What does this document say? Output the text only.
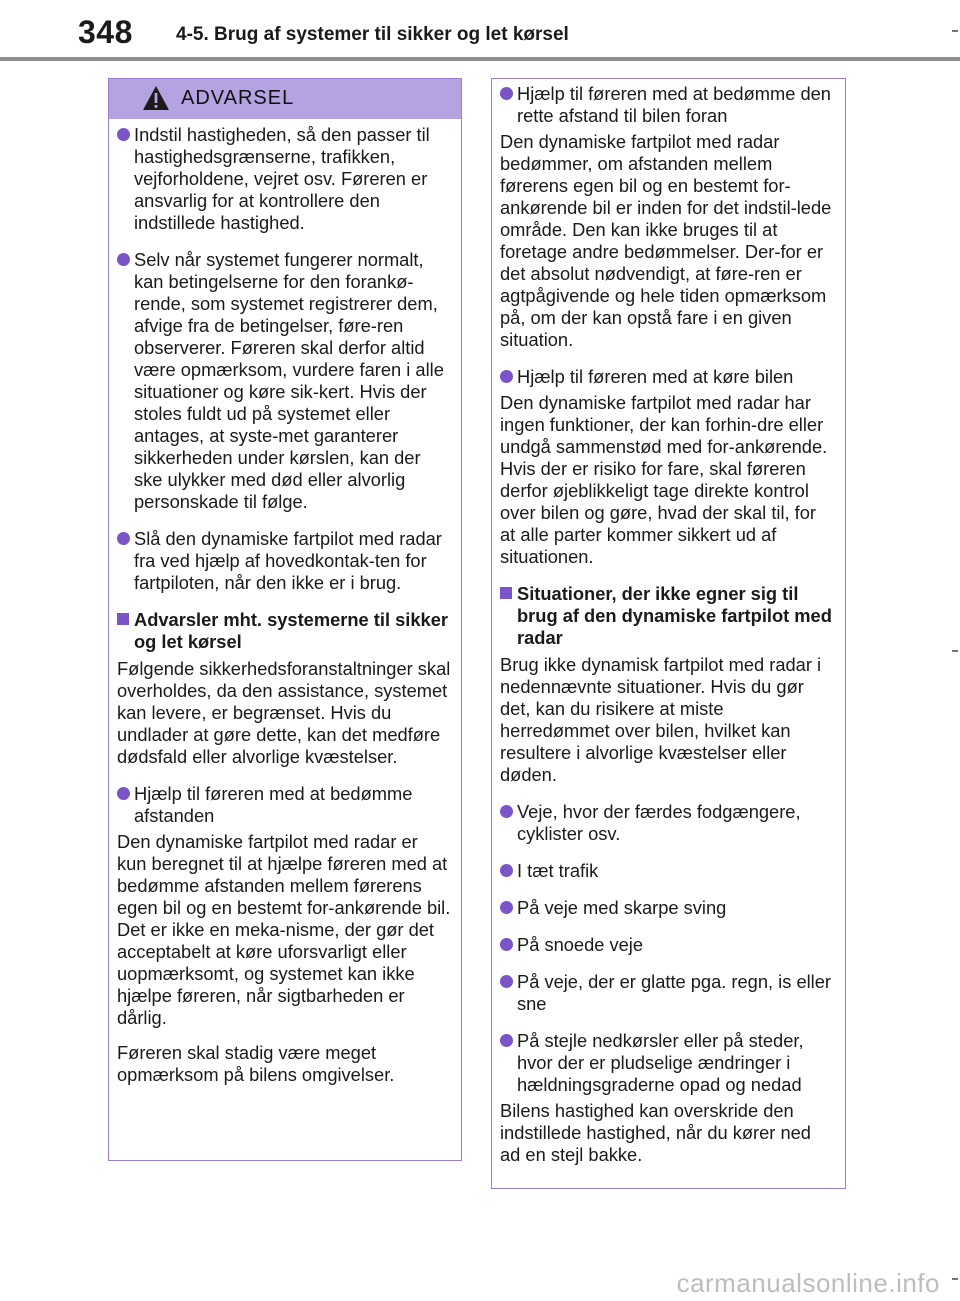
348 4-5. Brug af systemer til sikker og let kørsel
ADVARSEL
Indstil hastigheden, så den passer til hastighedsgrænserne, trafikken, vejforholdene, vejret osv. Føreren er ansvarlig for at kontrollere den indstillede hastighed.
Selv når systemet fungerer normalt, kan betingelserne for den forankø-rende, som systemet registrerer dem, afvige fra de betingelser, føre-ren observerer. Føreren skal derfor altid være opmærksom, vurdere faren i alle situationer og køre sik-kert. Hvis der stoles fuldt ud på systemet eller antages, at syste-met garanterer sikkerheden under kørslen, kan der ske ulykker med død eller alvorlig personskade til følge.
Slå den dynamiske fartpilot med radar fra ved hjælp af hovedkontak-ten for fartpiloten, når den ikke er i brug.
Advarsler mht. systemerne til sikker og let kørsel
Følgende sikkerhedsforanstaltninger skal overholdes, da den assistance, systemet kan levere, er begrænset. Hvis du undlader at gøre dette, kan det medføre dødsfald eller alvorlige kvæstelser.
Hjælp til føreren med at bedømme afstanden
Den dynamiske fartpilot med radar er kun beregnet til at hjælpe føreren med at bedømme afstanden mellem førerens egen bil og en bestemt for-ankørende bil. Det er ikke en meka-nisme, der gør det acceptabelt at køre uforsvarligt eller uopmærksomt, og systemet kan ikke hjælpe føreren, når sigtbarheden er dårlig.
Føreren skal stadig være meget opmærksom på bilens omgivelser.
Hjælp til føreren med at bedømme den rette afstand til bilen foran
Den dynamiske fartpilot med radar bedømmer, om afstanden mellem førerens egen bil og en bestemt for-ankørende bil er inden for det indstil-lede område. Den kan ikke bruges til at foretage andre bedømmelser. Der-for er det absolut nødvendigt, at føre-ren er agtpågivende og hele tiden opmærksom på, om der kan opstå fare i en given situation.
Hjælp til føreren med at køre bilen
Den dynamiske fartpilot med radar har ingen funktioner, der kan forhin-dre eller undgå sammenstød med for-ankørende. Hvis der er risiko for fare, skal føreren derfor øjeblikkeligt tage direkte kontrol over bilen og gøre, hvad der skal til, for at alle parter kommer sikkert ud af situationen.
Situationer, der ikke egner sig til brug af den dynamiske fartpilot med radar
Brug ikke dynamisk fartpilot med radar i nedennævnte situationer. Hvis du gør det, kan du risikere at miste herredømmet over bilen, hvilket kan resultere i alvorlige kvæstelser eller døden.
Veje, hvor der færdes fodgængere, cyklister osv.
I tæt trafik
På veje med skarpe sving
På snoede veje
På veje, der er glatte pga. regn, is eller sne
På stejle nedkørsler eller på steder, hvor der er pludselige ændringer i hældningsgraderne opad og nedad
Bilens hastighed kan overskride den indstillede hastighed, når du kører ned ad en stejl bakke.
carmanualsonline.info
